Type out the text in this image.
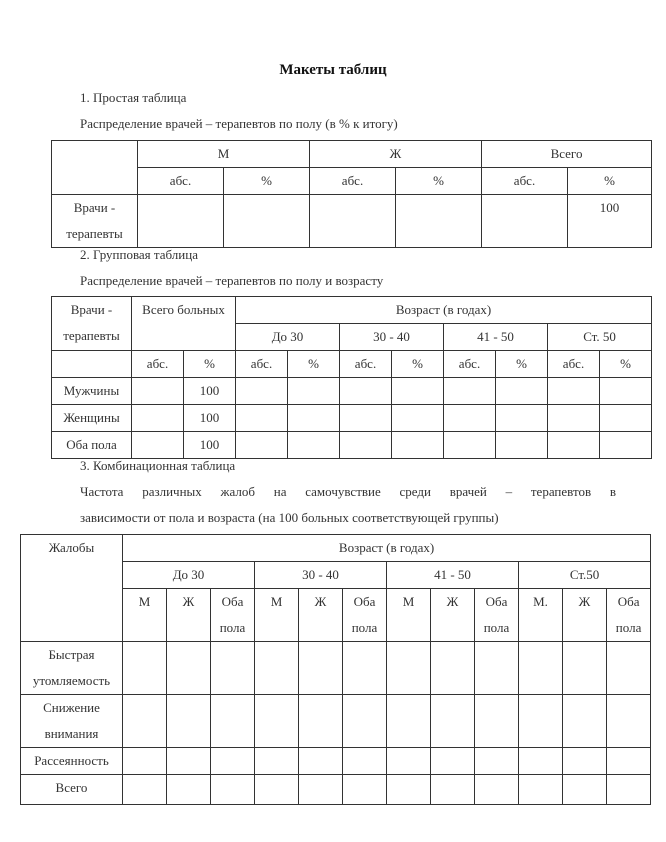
Макеты таблиц
1. Простая таблица
Распределение врачей – терапевтов по полу (в % к итогу)
	М		Ж		Всего	
	абс.	%	абс.	%	абс.	%
Врачи - терапевты						100
2. Групповая таблица
Распределение врачей – терапевтов по полу и возрасту
Врачи - терапевты	Всего больных		Возраст (в годах)							
			До 30		30 - 40		41 - 50		Ст. 50	
	абс.	%	абс.	%	абс.	%	абс.	%	абс.	%
Мужчины		100								
Женщины		100								
Оба пола		100								
3. Комбинационная таблица
Частота различных жалоб на самочувствие среди врачей – терапевтов в
зависимости от пола и возраста (на 100 больных соответствующей группы)
Жалобы	Возраст (в годах)											
	До 30			30 - 40			41 - 50			Ст.50		
	М	Ж	Оба пола	М	Ж	Оба пола	М	Ж	Оба пола	М.	Ж	Оба пола
Быстрая утомляемость												
Снижение внимания												
Рассеянность												
Всего												
